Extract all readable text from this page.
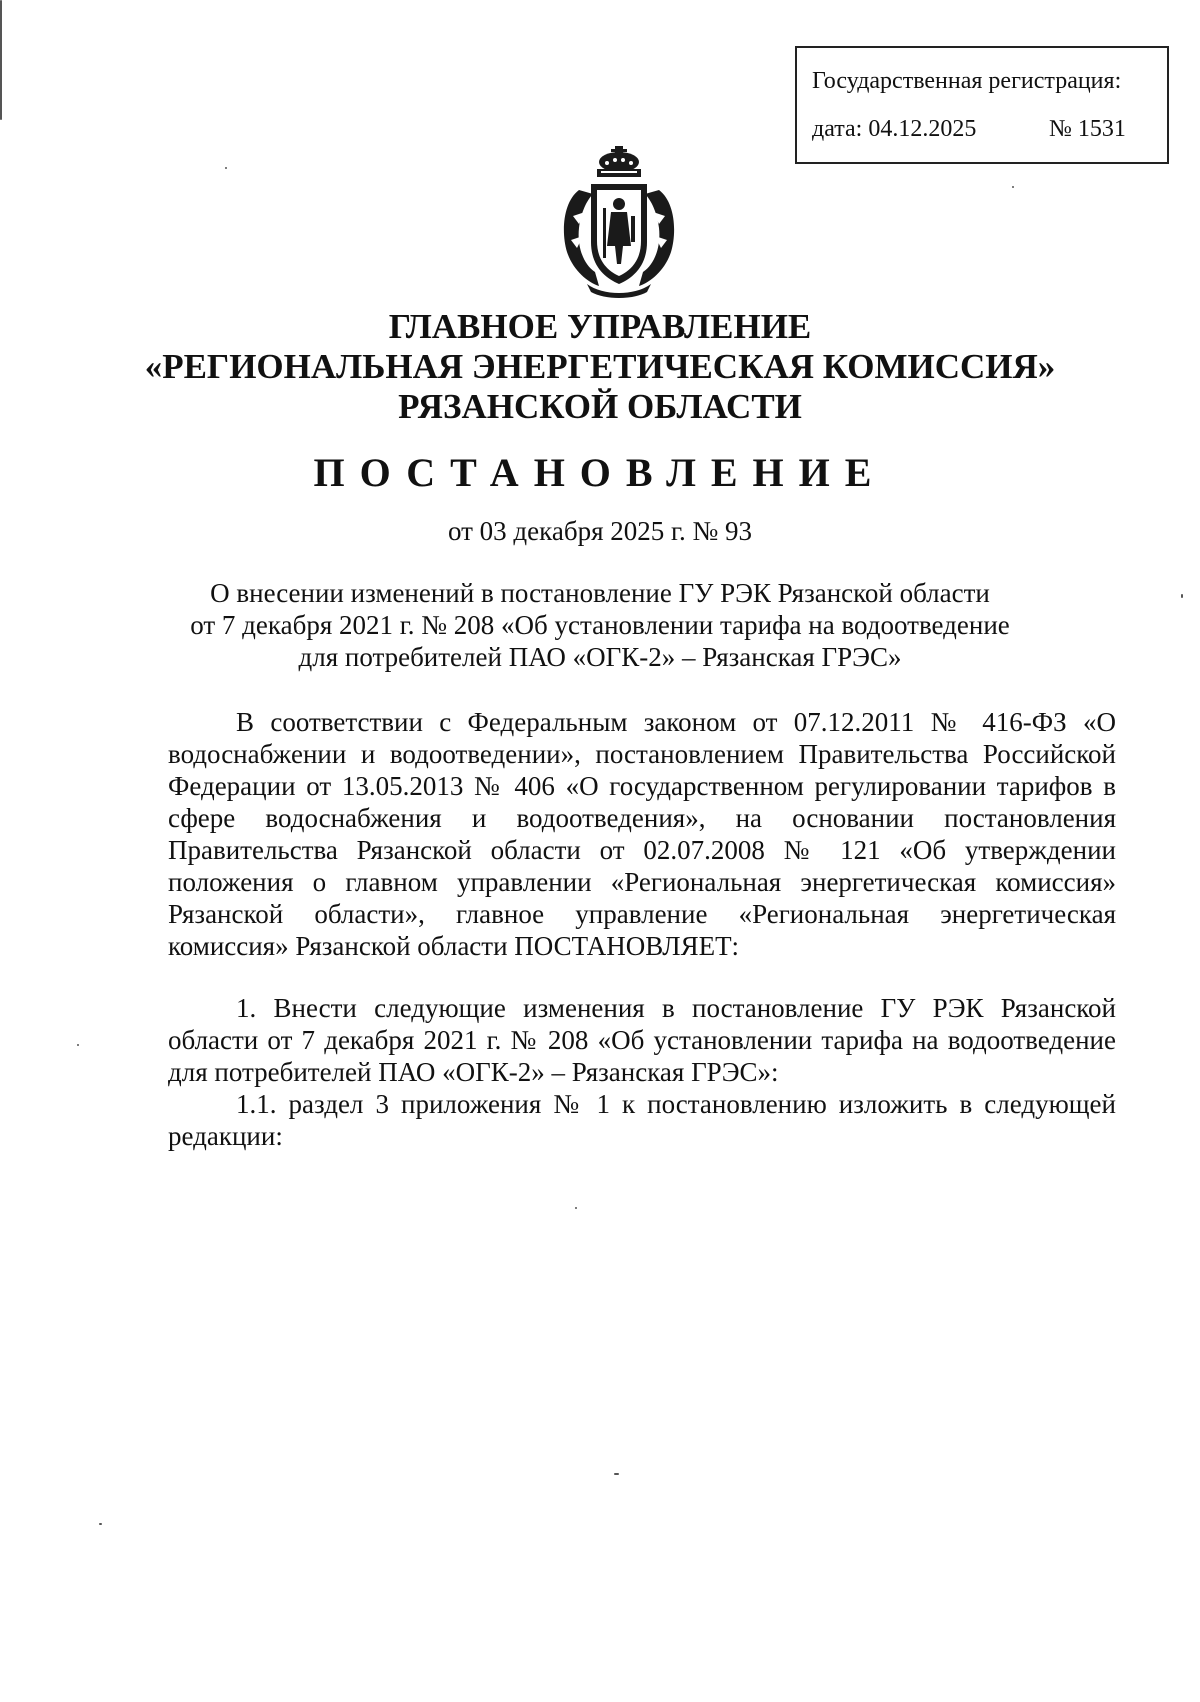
Государственная регистрация:
дата: 04.12.2025	№ 1531
ГЛАВНОЕ УПРАВЛЕНИЕ
«РЕГИОНАЛЬНАЯ ЭНЕРГЕТИЧЕСКАЯ КОМИССИЯ»
РЯЗАНСКОЙ ОБЛАСТИ
ПОСТАНОВЛЕНИЕ
от 03 декабря 2025 г. № 93
О внесении изменений в постановление ГУ РЭК Рязанской области
от 7 декабря 2021 г. № 208 «Об установлении тарифа на водоотведение
для потребителей ПАО «ОГК-2» – Рязанская ГРЭС»

В соответствии с Федеральным законом от 07.12.2011 № 416-ФЗ «О водоснабжении и водоотведении», постановлением Правительства Российской Федерации от 13.05.2013 № 406 «О государственном регулировании тарифов в сфере водоснабжения и водоотведения», на основании постановления Правительства Рязанской области от 02.07.2008 № 121 «Об утверждении положения о главном управлении «Региональная энергетическая комиссия» Рязанской области», главное управление «Региональная энергетическая комиссия» Рязанской области ПОСТАНОВЛЯЕТ:

1. Внести следующие изменения в постановление ГУ РЭК Рязанской области от 7 декабря 2021 г. № 208 «Об установлении тарифа на водоотведение для потребителей ПАО «ОГК-2» – Рязанская ГРЭС»:

1.1. раздел 3 приложения № 1 к постановлению изложить в следующей редакции:
